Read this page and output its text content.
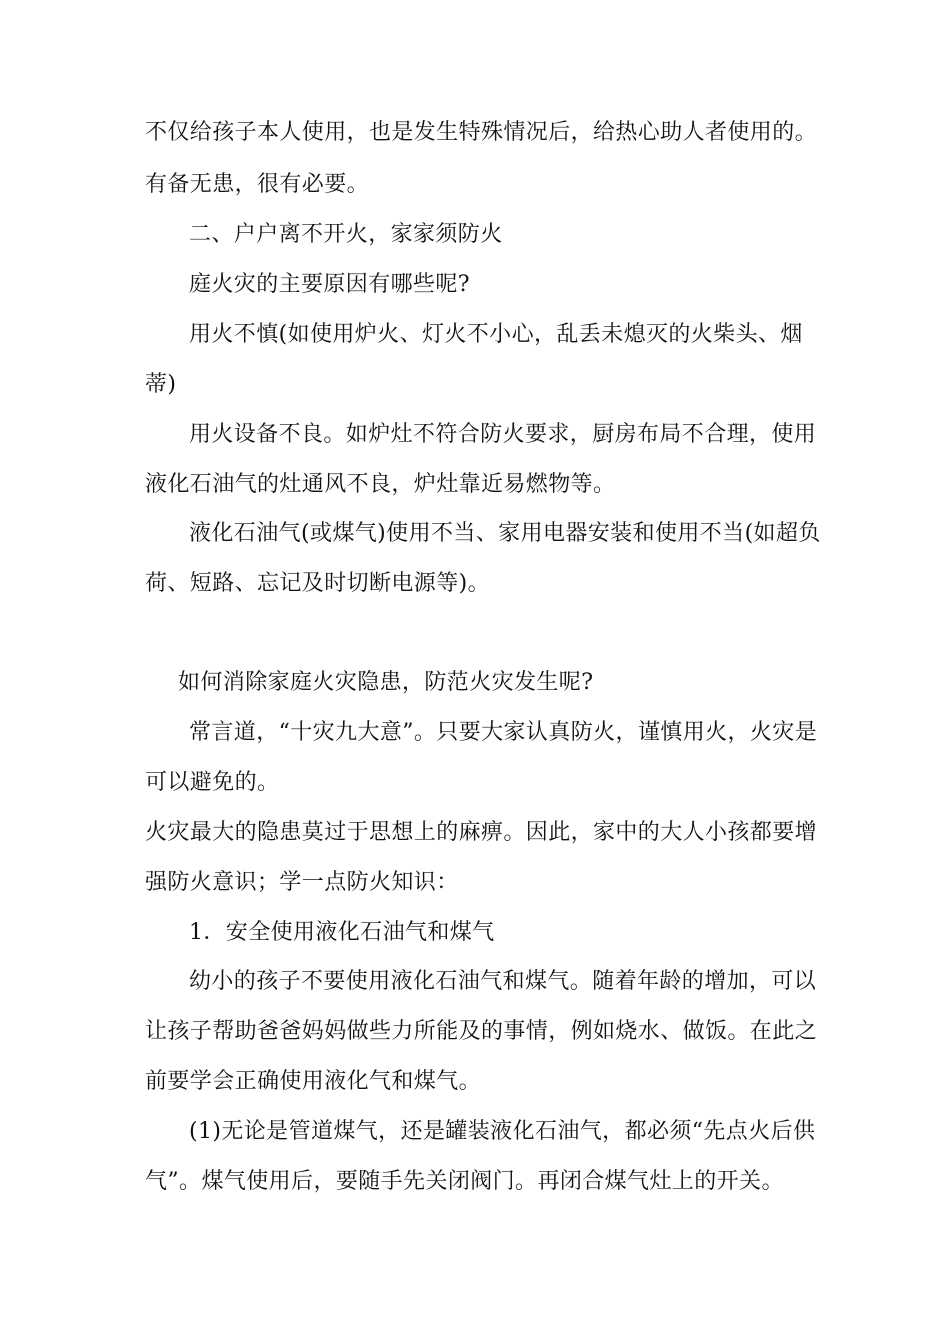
不仅给孩子本人使用，也是发生特殊情况后，给热心助人者使用的。
有备无患，很有必要。
二、户户离不开火，家家须防火
庭火灾的主要原因有哪些呢?
用火不慎(如使用炉火、灯火不小心，乱丢未熄灭的火柴头、烟
蒂)
用火设备不良。如炉灶不符合防火要求，厨房布局不合理，使用
液化石油气的灶通风不良，炉灶靠近易燃物等。
液化石油气(或煤气)使用不当、家用电器安装和使用不当(如超负
荷、短路、忘记及时切断电源等)。
如何消除家庭火灾隐患，防范火灾发生呢?
常言道，“十灾九大意”。只要大家认真防火，谨慎用火，火灾是
可以避免的。
火灾最大的隐患莫过于思想上的麻痹。因此，家中的大人小孩都要增
强防火意识；学一点防火知识：
1．安全使用液化石油气和煤气
幼小的孩子不要使用液化石油气和煤气。随着年龄的增加，可以
让孩子帮助爸爸妈妈做些力所能及的事情，例如烧水、做饭。在此之
前要学会正确使用液化气和煤气。
(1)无论是管道煤气，还是罐装液化石油气，都必须“先点火后供
气”。煤气使用后，要随手先关闭阀门。再闭合煤气灶上的开关。
